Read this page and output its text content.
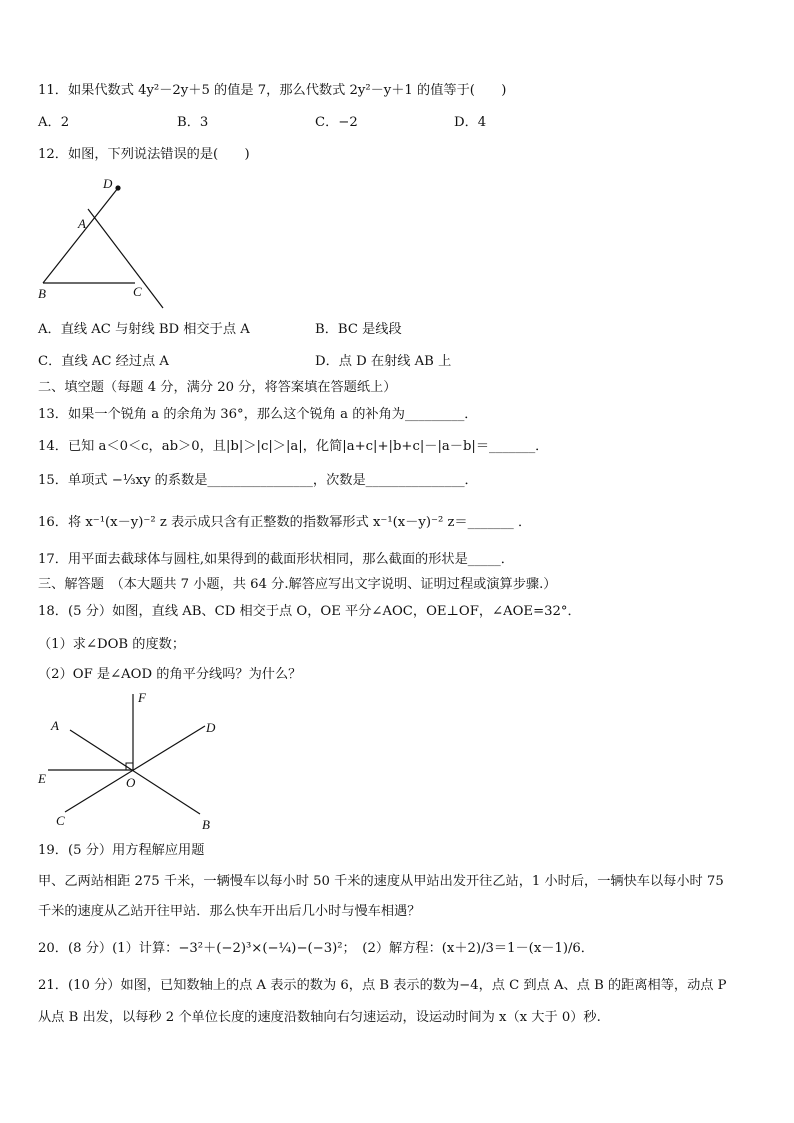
11．如果代数式 4y²－2y＋5 的值是 7，那么代数式 2y²－y＋1 的值等于(　　)
A．2	B．3	C．−2	D．4
12．如图，下列说法错误的是(　　)
D
A
B	C
A．直线 AC 与射线 BD 相交于点 A	B．BC 是线段
C．直线 AC 经过点 A	D．点 D 在射线 AB 上
二、填空题（每题 4 分，满分 20 分，将答案填在答题纸上）
13．如果一个锐角 a 的余角为 36°，那么这个锐角 a 的补角为_________．
14．已知 a＜0＜c，ab＞0，且|b|＞|c|＞|a|，化简|a+c|+|b+c|－|a－b|＝_______．
15．单项式 −⅓xy 的系数是________________，次数是_______________．
16．将 x⁻¹(x－y)⁻² z 表示成只含有正整数的指数幂形式 x⁻¹(x－y)⁻² z＝_______ ．
17．用平面去截球体与圆柱,如果得到的截面形状相同，那么截面的形状是_____．
三、解答题　（本大题共 7 小题，共 64 分.解答应写出文字说明、证明过程或演算步骤.）
18．(5 分）如图，直线 AB、CD 相交于点 O，OE 平分∠AOC，OE⊥OF，∠AOE=32°．
（1）求∠DOB 的度数；
（2）OF 是∠AOD 的角平分线吗？为什么？
F
A	D
E	O
C	B
19．(5 分）用方程解应用题
甲、乙两站相距 275 千米，一辆慢车以每小时 50 千米的速度从甲站出发开往乙站，1 小时后，一辆快车以每小时 75
千米的速度从乙站开往甲站．那么快车开出后几小时与慢车相遇？
20．(8 分）(1）计算：−3²＋(−2)³×(−¼)−(−3)²；　(2）解方程：(x＋2)/3＝1－(x－1)/6．
21．(10 分）如图，已知数轴上的点 A 表示的数为 6，点 B 表示的数为−4，点 C 到点 A、点 B 的距离相等，动点 P
从点 B 出发，以每秒 2 个单位长度的速度沿数轴向右匀速运动，设运动时间为 x（x 大于 0）秒.
